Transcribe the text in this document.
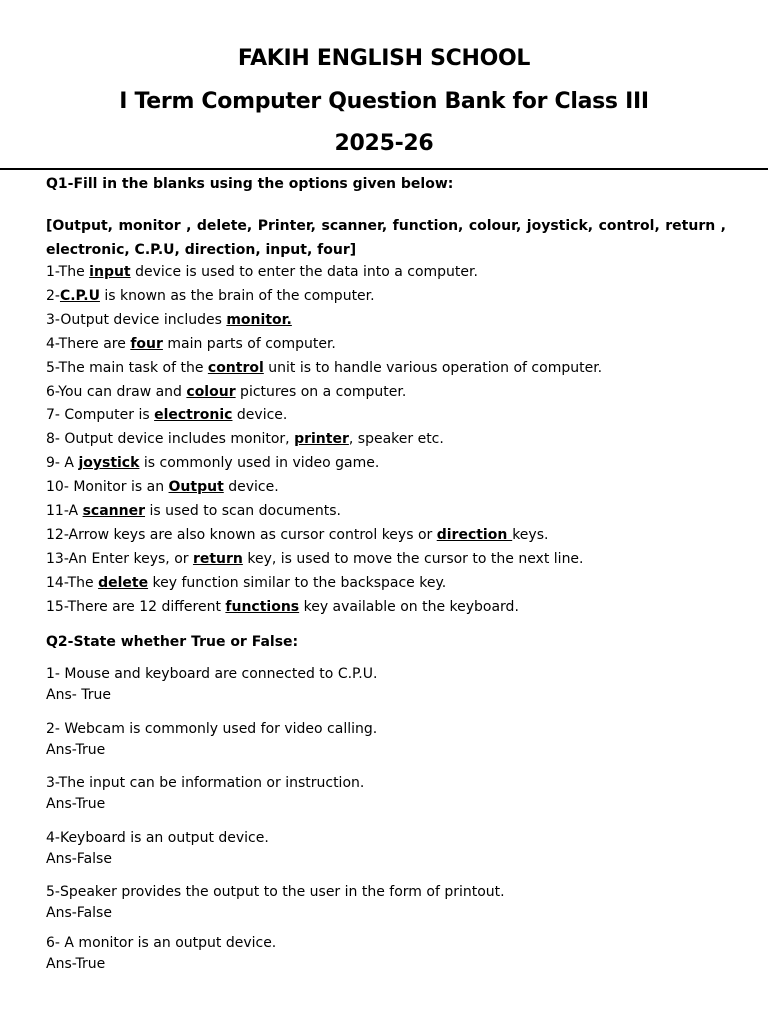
FAKIH ENGLISH SCHOOL
I Term Computer Question Bank for Class III
2025-26
Q1-Fill in the blanks using the options given below:
[Output, monitor , delete, Printer, scanner, function, colour, joystick, control, return , electronic, C.P.U, direction, input, four]
1-The input device is used to enter the data into a computer.
2-C.P.U is known as the brain of the computer.
3-Output device includes monitor.
4-There are four main parts of computer.
5-The main task of the control unit is to handle various operation of computer.
6-You can draw and colour pictures on a computer.
7- Computer is electronic device.
8- Output device includes monitor, printer, speaker etc.
9- A joystick is commonly used in video game.
10- Monitor is an Output device.
11-A scanner is used to scan documents.
12-Arrow keys are also known as cursor control keys or direction keys.
13-An Enter keys, or return key, is used to move the cursor to the next line.
14-The delete key function similar to the backspace key.
15-There are 12 different functions key available on the keyboard.
Q2-State whether True or False:
1- Mouse and keyboard are connected to C.P.U.
Ans- True
2- Webcam is commonly used for video calling.
Ans-True
3-The input can be information or instruction.
Ans-True
4-Keyboard is an output device.
Ans-False
5-Speaker provides the output to the user in the form of printout.
Ans-False
6- A monitor is an output device.
Ans-True
